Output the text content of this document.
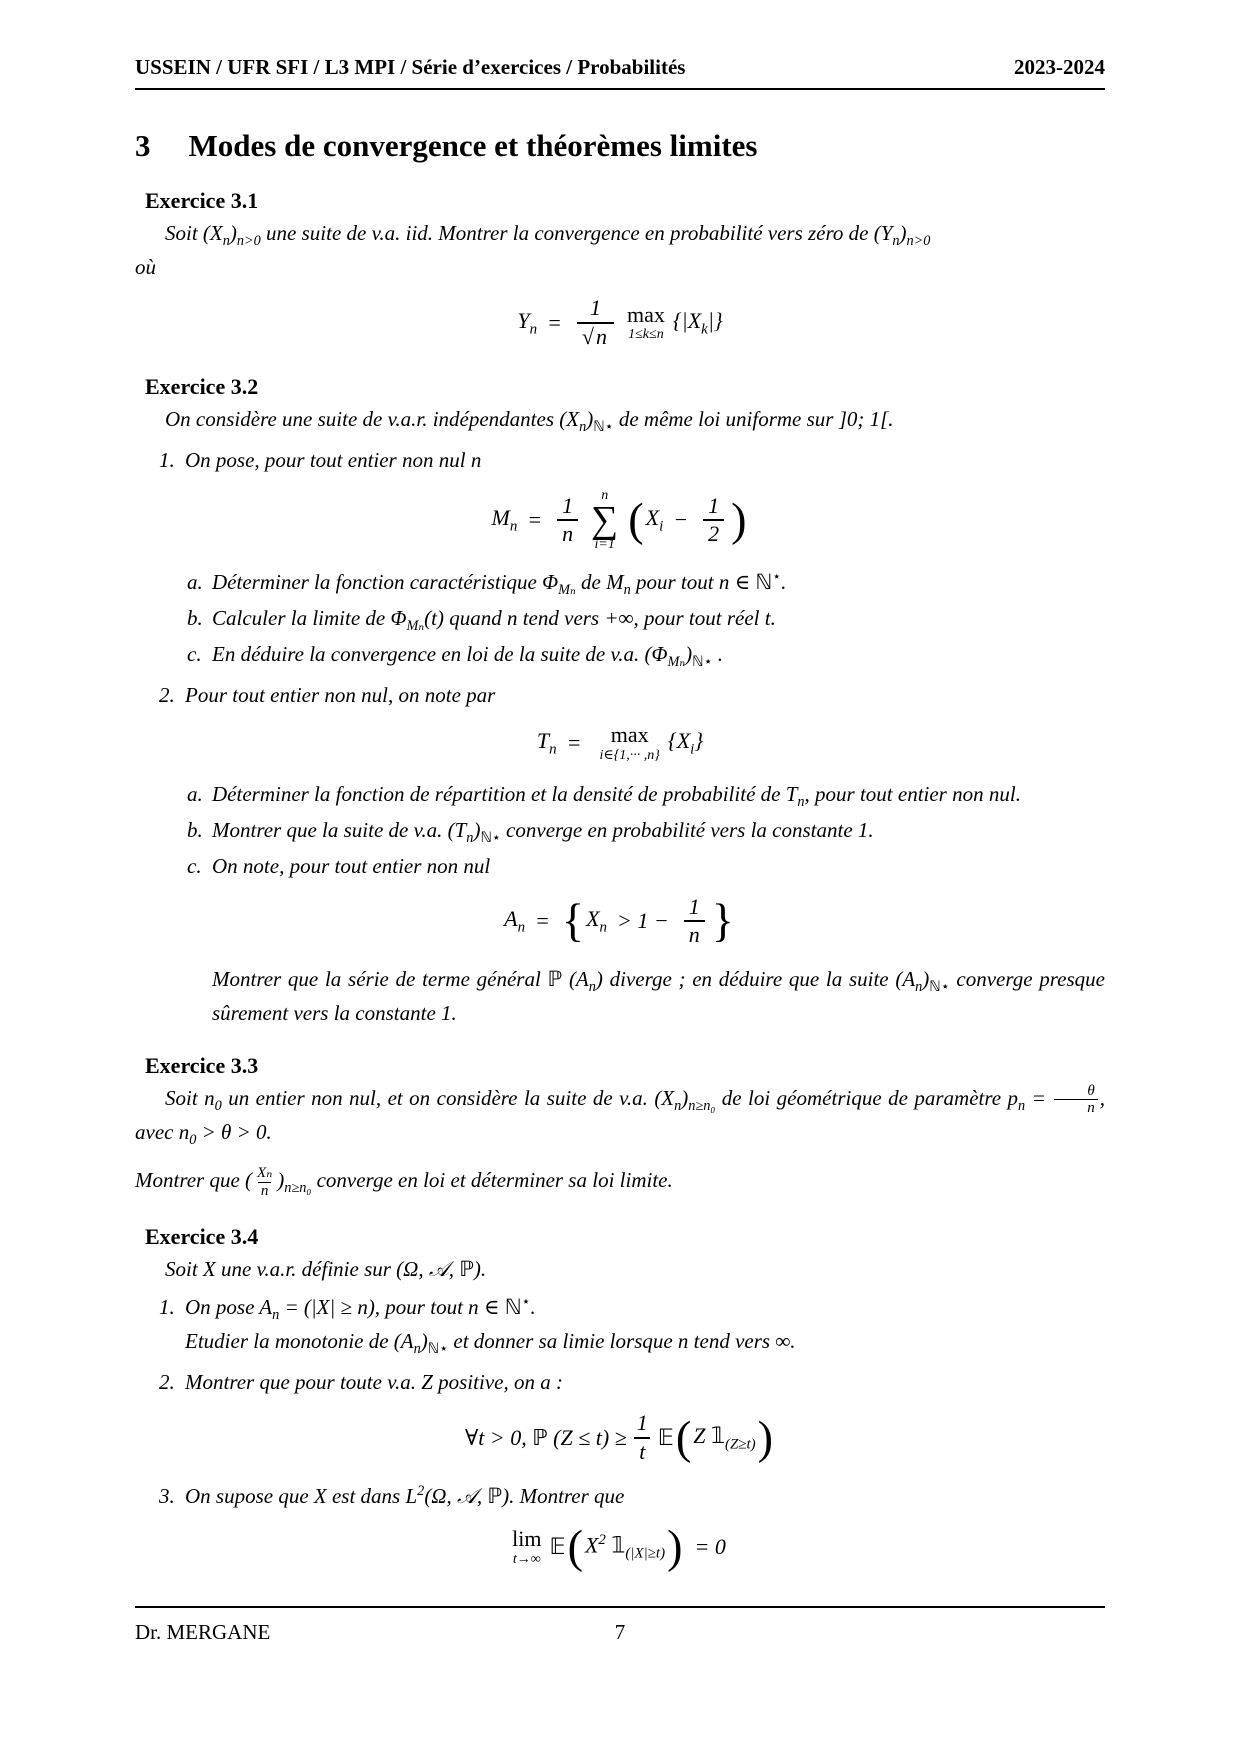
USSEIN / UFR SFI / L3 MPI / Série d’exercices / Probabilités	2023-2024
3 Modes de convergence et théorèmes limites
Exercice 3.1

Soit $(X_n)_{n>0}$ une suite de v.a. iid. Montrer la convergence en probabilité vers zéro de $(Y_n)_{n>0}$
où

$Y_n = \frac{1}{√n}$ max
1≤k≤n
$\{|X_k|\}$
Exercice 3.2

On considère une suite de v.a.r. indépendantes $(X_n)_{ℕ⋆}$ de même loi uniforme sur ]0; 1[.

1. On pose, pour tout entier non nul n
$M_n = \frac{1}{n}$ n
∑
i=1 ( $X_i - \frac{1}{2}$ )
a. Déterminer la fonction caractéristique $\Phi_{M_n}$ de $M_n$ pour tout n ∈ ℕ⋆.
b. Calculer la limite de $\Phi_{M_n}(t)$ quand n tend vers +∞, pour tout réel t.
c. En déduire la convergence en loi de la suite de v.a. $(\Phi_{M_n})_{ℕ⋆}$ .
2. Pour tout entier non nul, on note par
$T_n = \max$
i∈{1,··· ,n}
$\{X_i\}$
a. Déterminer la fonction de répartition et la densité de probabilité de $T_n$, pour tout entier non nul.
b. Montrer que la suite de v.a. $(T_n)_{ℕ⋆}$ converge en probabilité vers la constante 1.
c. On note, pour tout entier non nul
$A_n$ = { $X_n > 1 - \frac{1}{n}$ }

Montrer que la série de terme général ℙ $(A_n)$ diverge ; en déduire que la suite $(A_n)_{ℕ⋆}$ converge presque sûrement vers la constante 1.

Exercice 3.3

Soit $n_0$ un entier non nul, et on considère la suite de v.a. $(X_n)_{n\ge n_0}$ de loi géométrique de paramètre $p_n = \frac{\theta}{n}$ , avec $n_0 > \theta > 0$.

Montrer que ( $\frac{\text{Xₙ}}{n} )_{n\ge n_0}$ converge en loi et déterminer sa loi limite.

Exercice 3.4

Soit X une v.a.r. définie sur (Ω, 𝒜, ℙ).

1. On pose $A_n = (|X| \ge n)$, pour tout n ∈ ℕ⋆.
Etudier la monotonie de $(A_n)_{ℕ⋆}$ et donner sa limie lorsque n tend vers ∞.
2. Montrer que pour toute v.a. Z positive, on a :
∀t > 0, ℙ $(Z \le t) \ge \frac{1}{t}$ 𝔼 ( Z $𝟙_{(Z\ge t)}$ )
3. On supose que X est dans $L^2(\Omega$, 𝒜, ℙ). Montrer que
lim
t→∞ 𝔼 ( $X^2$ $𝟙_{(|X|\ge t)}$ ) = 0
Dr. MERGANE	7
